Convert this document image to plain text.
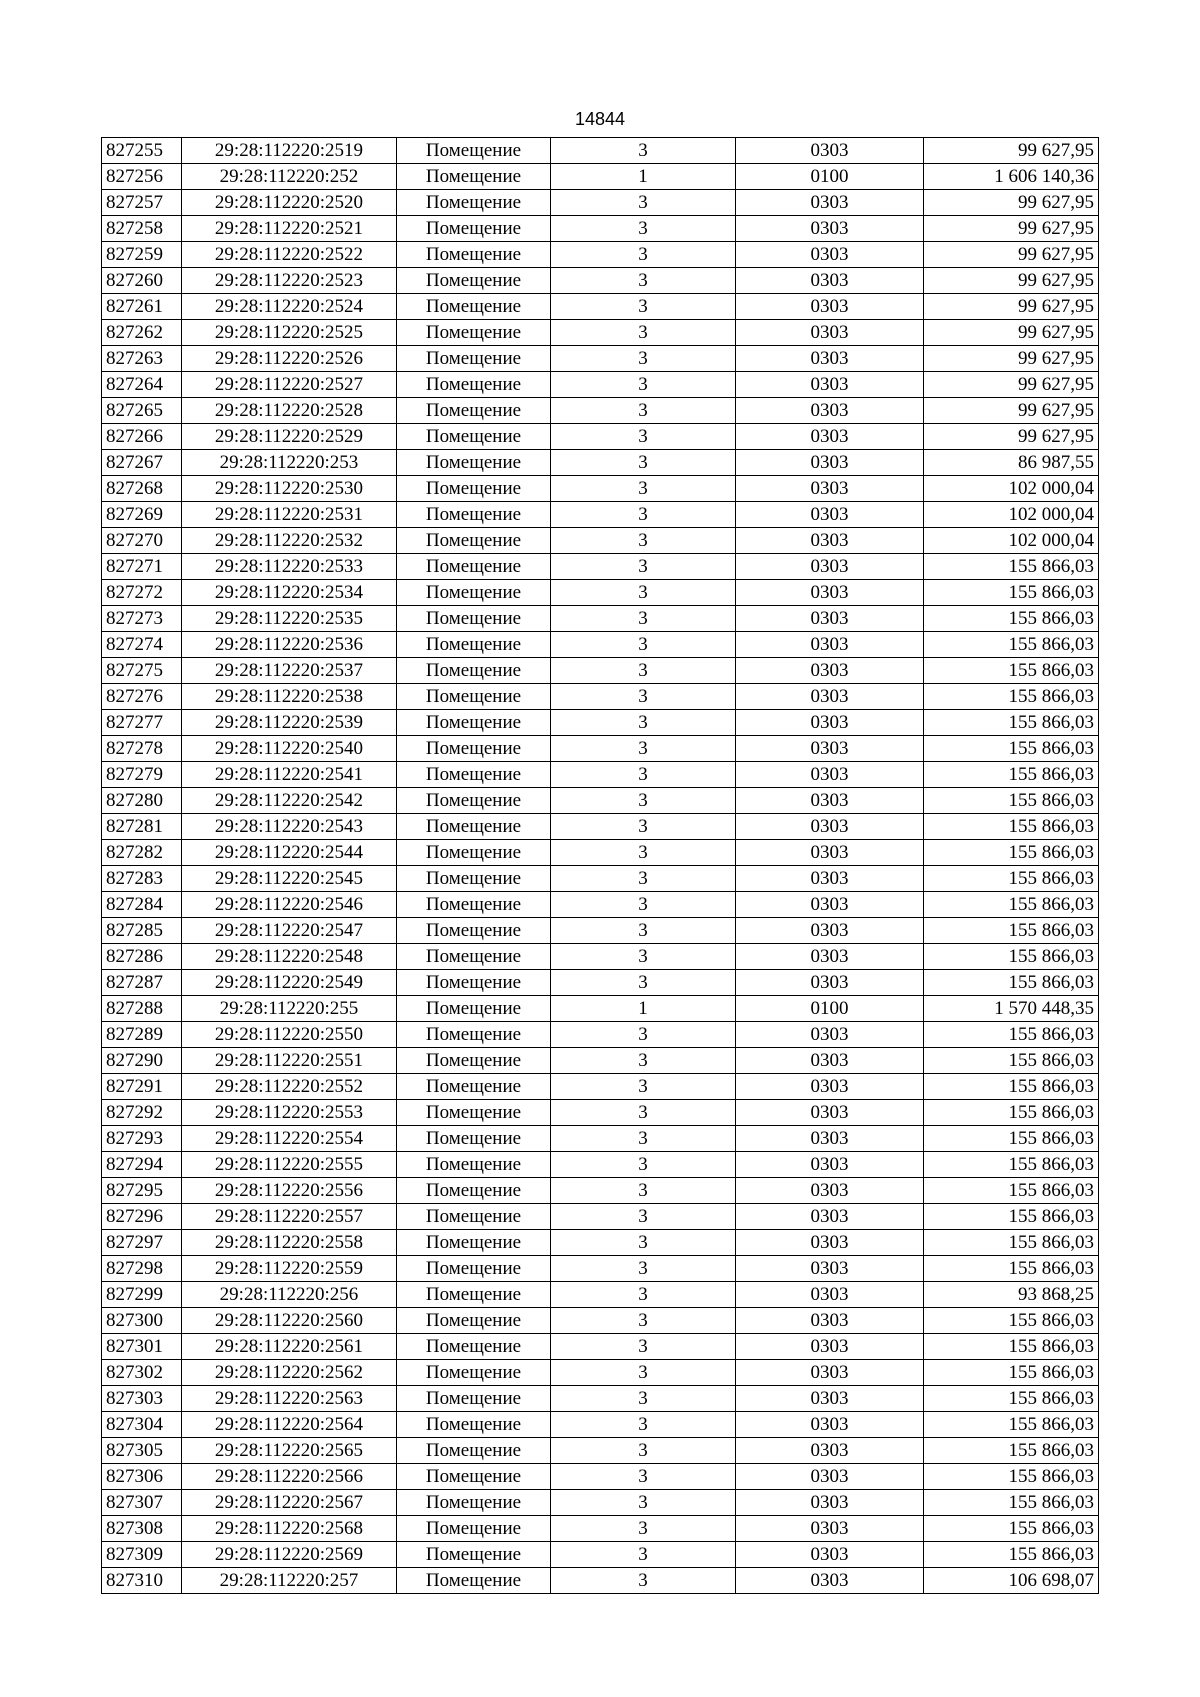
14844
827255	29:28:112220:2519	Помещение	3	0303	99 627,95
827256	29:28:112220:252	Помещение	1	0100	1 606 140,36
827257	29:28:112220:2520	Помещение	3	0303	99 627,95
827258	29:28:112220:2521	Помещение	3	0303	99 627,95
827259	29:28:112220:2522	Помещение	3	0303	99 627,95
827260	29:28:112220:2523	Помещение	3	0303	99 627,95
827261	29:28:112220:2524	Помещение	3	0303	99 627,95
827262	29:28:112220:2525	Помещение	3	0303	99 627,95
827263	29:28:112220:2526	Помещение	3	0303	99 627,95
827264	29:28:112220:2527	Помещение	3	0303	99 627,95
827265	29:28:112220:2528	Помещение	3	0303	99 627,95
827266	29:28:112220:2529	Помещение	3	0303	99 627,95
827267	29:28:112220:253	Помещение	3	0303	86 987,55
827268	29:28:112220:2530	Помещение	3	0303	102 000,04
827269	29:28:112220:2531	Помещение	3	0303	102 000,04
827270	29:28:112220:2532	Помещение	3	0303	102 000,04
827271	29:28:112220:2533	Помещение	3	0303	155 866,03
827272	29:28:112220:2534	Помещение	3	0303	155 866,03
827273	29:28:112220:2535	Помещение	3	0303	155 866,03
827274	29:28:112220:2536	Помещение	3	0303	155 866,03
827275	29:28:112220:2537	Помещение	3	0303	155 866,03
827276	29:28:112220:2538	Помещение	3	0303	155 866,03
827277	29:28:112220:2539	Помещение	3	0303	155 866,03
827278	29:28:112220:2540	Помещение	3	0303	155 866,03
827279	29:28:112220:2541	Помещение	3	0303	155 866,03
827280	29:28:112220:2542	Помещение	3	0303	155 866,03
827281	29:28:112220:2543	Помещение	3	0303	155 866,03
827282	29:28:112220:2544	Помещение	3	0303	155 866,03
827283	29:28:112220:2545	Помещение	3	0303	155 866,03
827284	29:28:112220:2546	Помещение	3	0303	155 866,03
827285	29:28:112220:2547	Помещение	3	0303	155 866,03
827286	29:28:112220:2548	Помещение	3	0303	155 866,03
827287	29:28:112220:2549	Помещение	3	0303	155 866,03
827288	29:28:112220:255	Помещение	1	0100	1 570 448,35
827289	29:28:112220:2550	Помещение	3	0303	155 866,03
827290	29:28:112220:2551	Помещение	3	0303	155 866,03
827291	29:28:112220:2552	Помещение	3	0303	155 866,03
827292	29:28:112220:2553	Помещение	3	0303	155 866,03
827293	29:28:112220:2554	Помещение	3	0303	155 866,03
827294	29:28:112220:2555	Помещение	3	0303	155 866,03
827295	29:28:112220:2556	Помещение	3	0303	155 866,03
827296	29:28:112220:2557	Помещение	3	0303	155 866,03
827297	29:28:112220:2558	Помещение	3	0303	155 866,03
827298	29:28:112220:2559	Помещение	3	0303	155 866,03
827299	29:28:112220:256	Помещение	3	0303	93 868,25
827300	29:28:112220:2560	Помещение	3	0303	155 866,03
827301	29:28:112220:2561	Помещение	3	0303	155 866,03
827302	29:28:112220:2562	Помещение	3	0303	155 866,03
827303	29:28:112220:2563	Помещение	3	0303	155 866,03
827304	29:28:112220:2564	Помещение	3	0303	155 866,03
827305	29:28:112220:2565	Помещение	3	0303	155 866,03
827306	29:28:112220:2566	Помещение	3	0303	155 866,03
827307	29:28:112220:2567	Помещение	3	0303	155 866,03
827308	29:28:112220:2568	Помещение	3	0303	155 866,03
827309	29:28:112220:2569	Помещение	3	0303	155 866,03
827310	29:28:112220:257	Помещение	3	0303	106 698,07
